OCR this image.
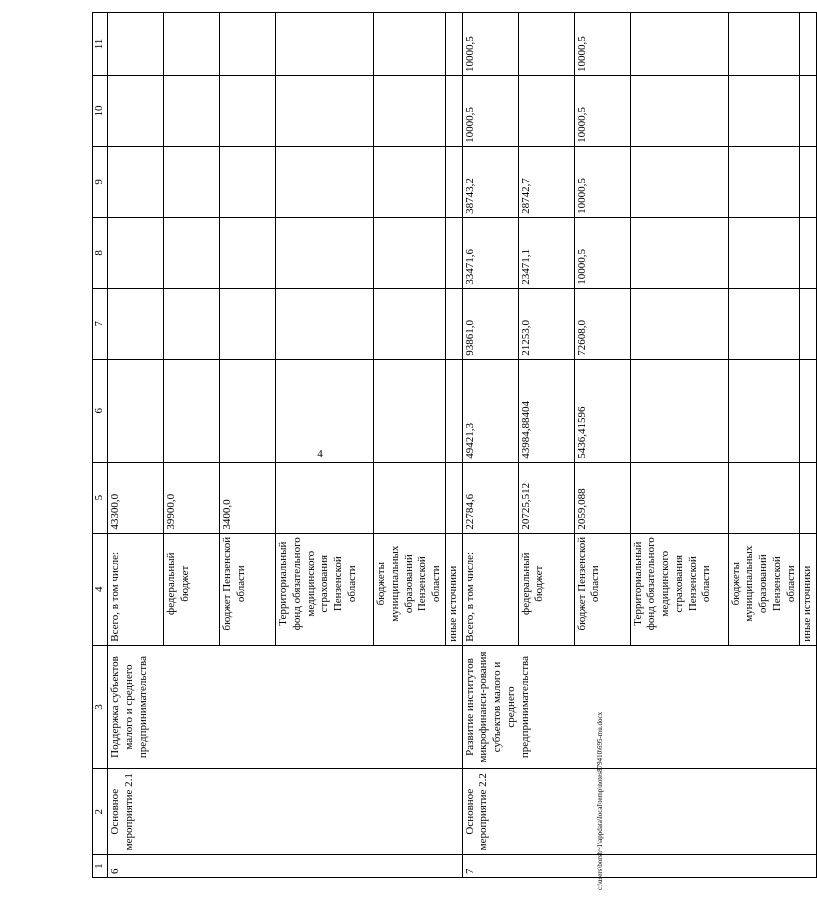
4
1	2	3	4	5	6	7	8	9	10	11
6	Основное мероприятие 2.1	Поддержка субъектов малого и среднего предпринимательства	Всего, в том числе:	43300,0						
			федеральный бюджет	39900,0						
			бюджет Пензенской области	3400,0						
			Территориальный фонд обязательного медицинского страхования Пензенской области							
			бюджеты муниципальных образований Пензенской области							
			иные источники							
7	Основное мероприятие 2.2	Развитие институтов микрофинанси-рования субъектов малого и среднего предпринимательства	Всего, в том числе:	22784,6	49421,3	93861,0	33471,6	38743,2	10000,5	10000,5
			федеральный бюджет	20725,512	43984,88404	21253,0	23471,1	28742,7		
			бюджет Пензенской области	2059,088	5436,41596	72608,0	10000,5	10000,5	10000,5	10000,5
			Территориальный фонд обязательного медицинского страхования Пензенской области							
			бюджеты муниципальных образований Пензенской области							
			иные источники							
c:\users\borsh~1\appdata\local\temp\notes879410\695-mu.docx
